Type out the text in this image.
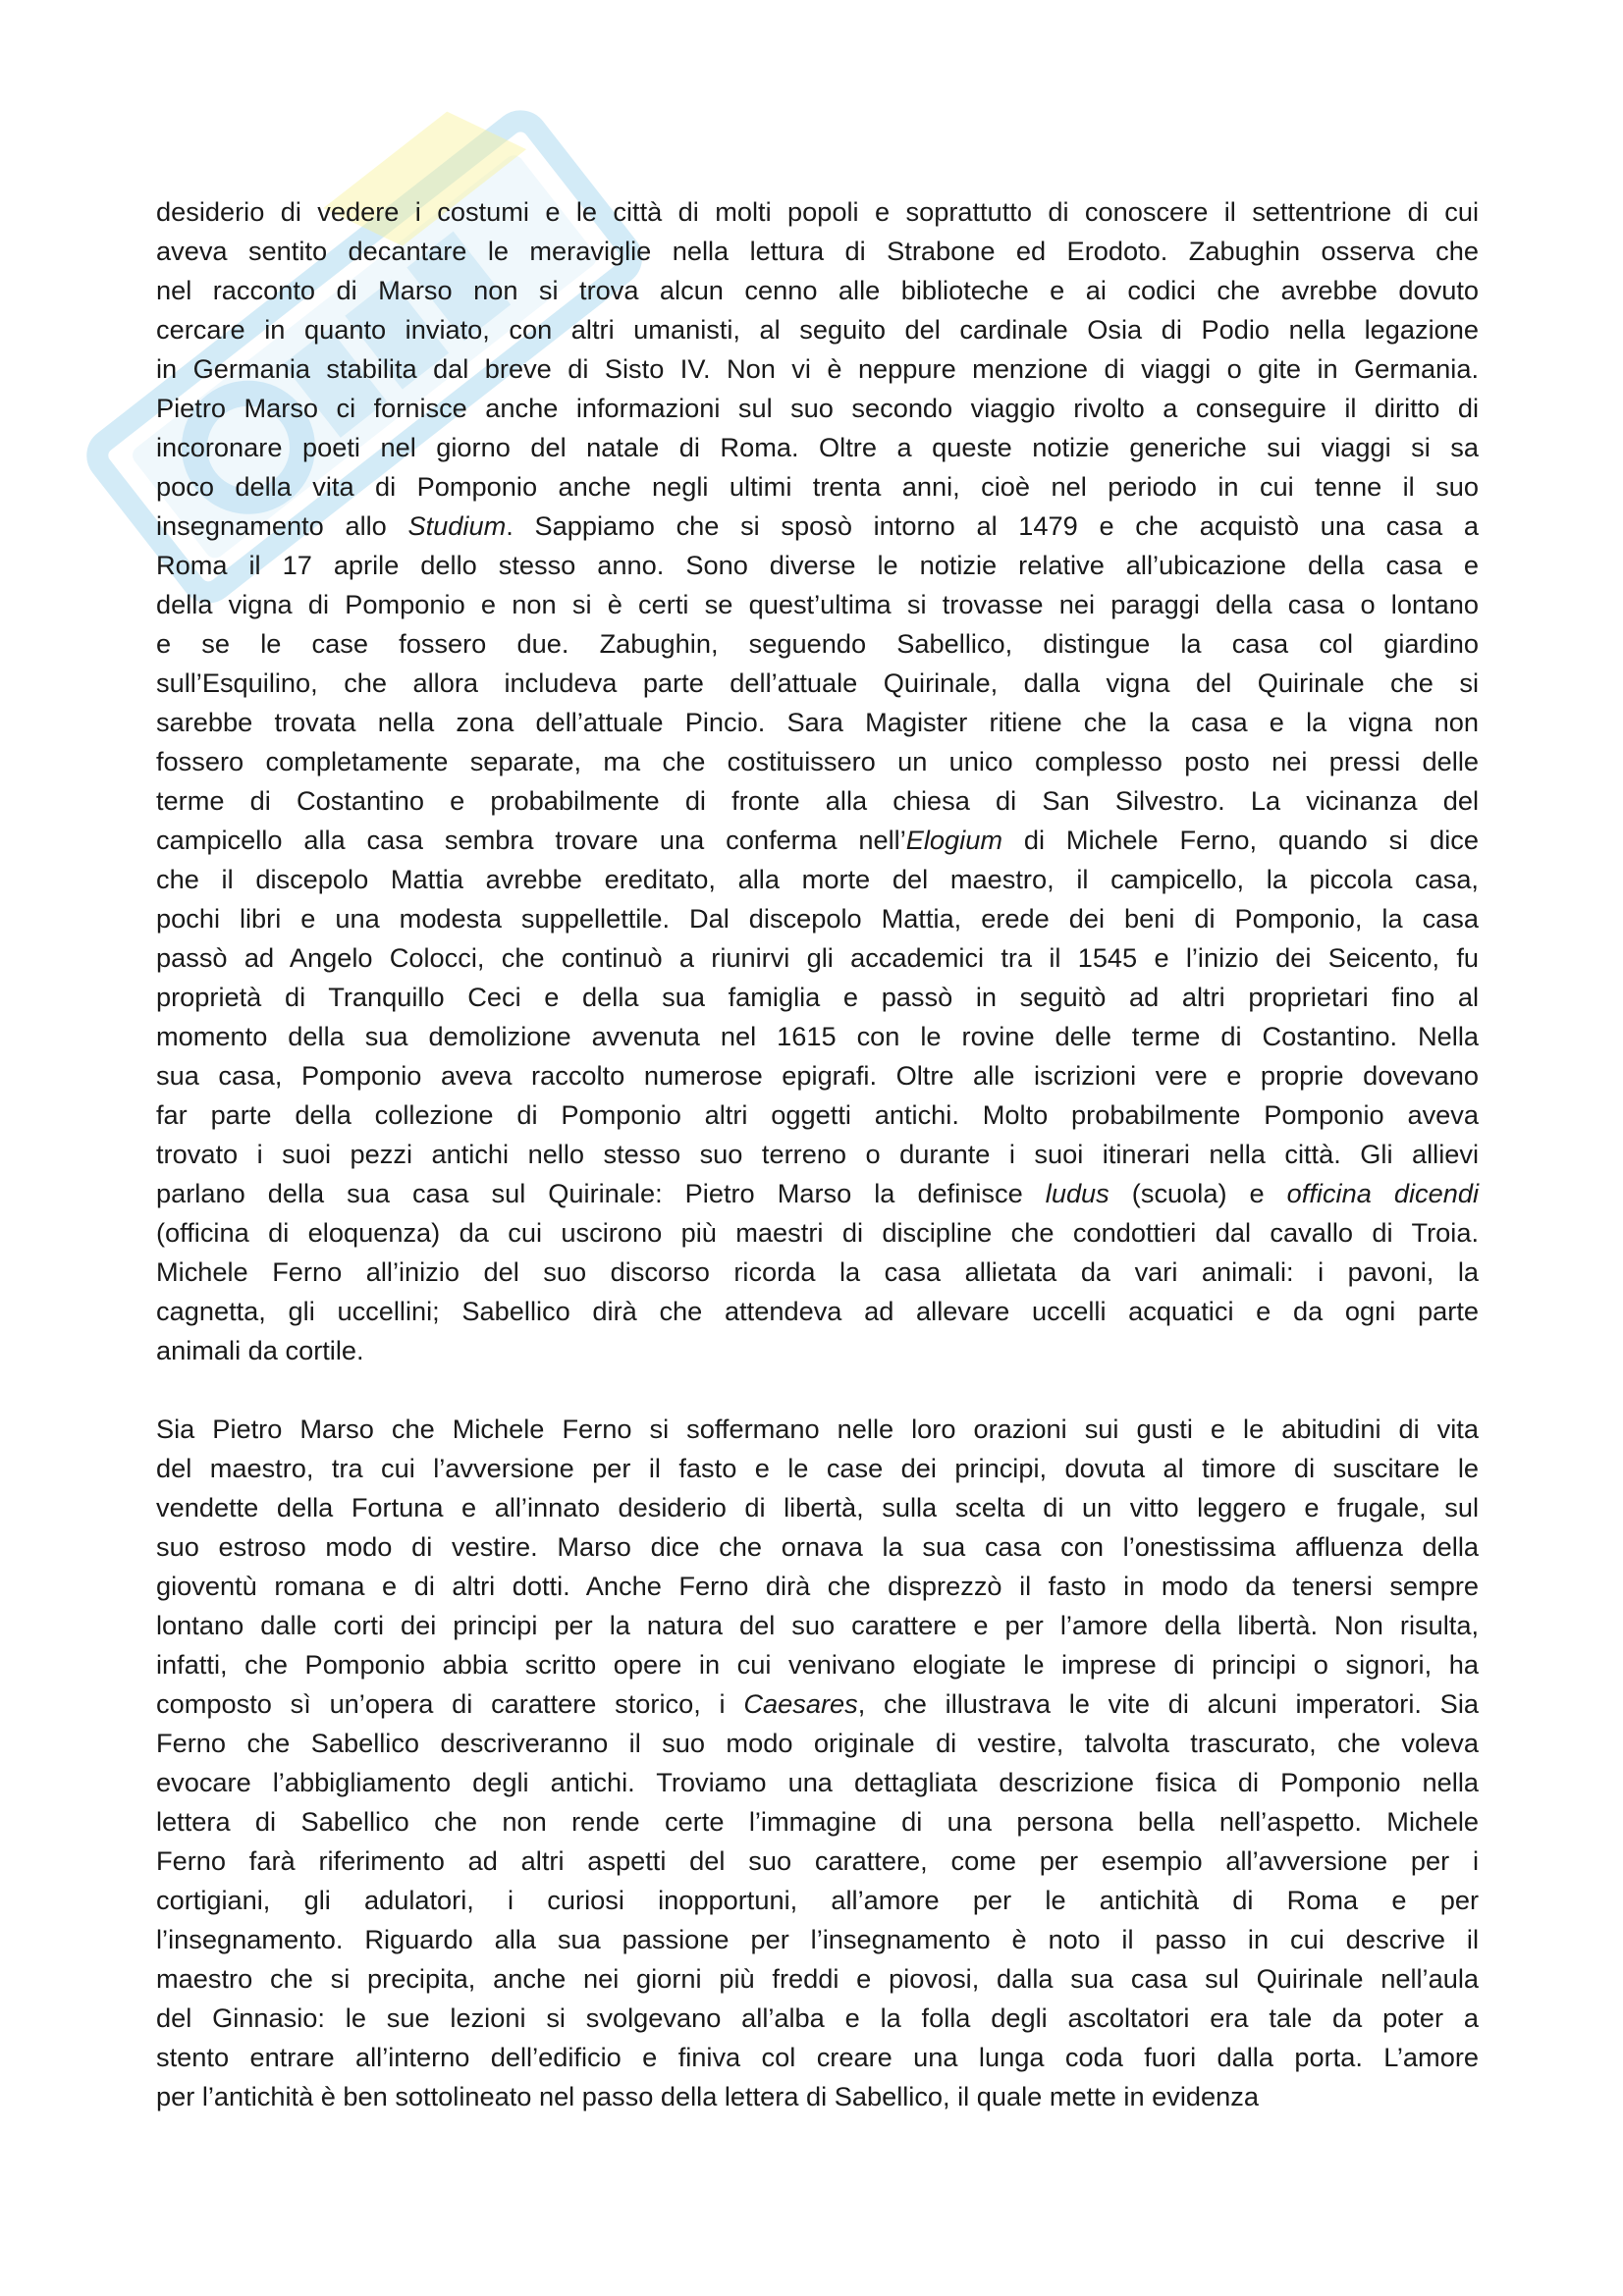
desiderio di vedere i costumi e le città di molti popoli e soprattutto di conoscere il settentrione di cui
aveva sentito decantare le meraviglie nella lettura di Strabone ed Erodoto. Zabughin osserva che
nel racconto di Marso non si trova alcun cenno alle biblioteche e ai codici che avrebbe dovuto
cercare in quanto inviato, con altri umanisti, al seguito del cardinale Osia di Podio nella legazione
in Germania stabilita dal breve di Sisto IV. Non vi è neppure menzione di viaggi o gite in Germania.
Pietro Marso ci fornisce anche informazioni sul suo secondo viaggio rivolto a conseguire il diritto di
incoronare poeti nel giorno del natale di Roma. Oltre a queste notizie generiche sui viaggi si sa
poco della vita di Pomponio anche negli ultimi trenta anni, cioè nel periodo in cui tenne il suo
insegnamento allo Studium. Sappiamo che si sposò intorno al 1479 e che acquistò una casa a
Roma il 17 aprile dello stesso anno. Sono diverse le notizie relative all’ubicazione della casa e
della vigna di Pomponio e non si è certi se quest’ultima si trovasse nei paraggi della casa o lontano
e se le case fossero due. Zabughin, seguendo Sabellico, distingue la casa col giardino
sull’Esquilino, che allora includeva parte dell’attuale Quirinale, dalla vigna del Quirinale che si
sarebbe trovata nella zona dell’attuale Pincio. Sara Magister ritiene che la casa e la vigna non
fossero completamente separate, ma che costituissero un unico complesso posto nei pressi delle
terme di Costantino e probabilmente di fronte alla chiesa di San Silvestro. La vicinanza del
campicello alla casa sembra trovare una conferma nell’Elogium di Michele Ferno, quando si dice
che il discepolo Mattia avrebbe ereditato, alla morte del maestro, il campicello, la piccola casa,
pochi libri e una modesta suppellettile. Dal discepolo Mattia, erede dei beni di Pomponio, la casa
passò ad Angelo Colocci, che continuò a riunirvi gli accademici tra il 1545 e l’inizio dei Seicento, fu
proprietà di Tranquillo Ceci e della sua famiglia e passò in seguitò ad altri proprietari fino al
momento della sua demolizione avvenuta nel 1615 con le rovine delle terme di Costantino. Nella
sua casa, Pomponio aveva raccolto numerose epigrafi. Oltre alle iscrizioni vere e proprie dovevano
far parte della collezione di Pomponio altri oggetti antichi. Molto probabilmente Pomponio aveva
trovato i suoi pezzi antichi nello stesso suo terreno o durante i suoi itinerari nella città. Gli allievi
parlano della sua casa sul Quirinale: Pietro Marso la definisce ludus (scuola) e officina dicendi
(officina di eloquenza) da cui uscirono più maestri di discipline che condottieri dal cavallo di Troia.
Michele Ferno all’inizio del suo discorso ricorda la casa allietata da vari animali: i pavoni, la
cagnetta, gli uccellini; Sabellico dirà che attendeva ad allevare uccelli acquatici e da ogni parte
animali da cortile.

Sia Pietro Marso che Michele Ferno si soffermano nelle loro orazioni sui gusti e le abitudini di vita
del maestro, tra cui l’avversione per il fasto e le case dei principi, dovuta al timore di suscitare le
vendette della Fortuna e all’innato desiderio di libertà, sulla scelta di un vitto leggero e frugale, sul
suo estroso modo di vestire. Marso dice che ornava la sua casa con l’onestissima affluenza della
gioventù romana e di altri dotti. Anche Ferno dirà che disprezzò il fasto in modo da tenersi sempre
lontano dalle corti dei principi per la natura del suo carattere e per l’amore della libertà. Non risulta,
infatti, che Pomponio abbia scritto opere in cui venivano elogiate le imprese di principi o signori, ha
composto sì un’opera di carattere storico, i Caesares, che illustrava le vite di alcuni imperatori. Sia
Ferno che Sabellico descriveranno il suo modo originale di vestire, talvolta trascurato, che voleva
evocare l’abbigliamento degli antichi. Troviamo una dettagliata descrizione fisica di Pomponio nella
lettera di Sabellico che non rende certe l’immagine di una persona bella nell’aspetto. Michele
Ferno farà riferimento ad altri aspetti del suo carattere, come per esempio all’avversione per i
cortigiani, gli adulatori, i curiosi inopportuni, all’amore per le antichità di Roma e per
l’insegnamento. Riguardo alla sua passione per l’insegnamento è noto il passo in cui descrive il
maestro che si precipita, anche nei giorni più freddi e piovosi, dalla sua casa sul Quirinale nell’aula
del Ginnasio: le sue lezioni si svolgevano all’alba e la folla degli ascoltatori era tale da poter a
stento entrare all’interno dell’edificio e finiva col creare una lunga coda fuori dalla porta. L’amore
per l’antichità è ben sottolineato nel passo della lettera di Sabellico, il quale mette in evidenza
